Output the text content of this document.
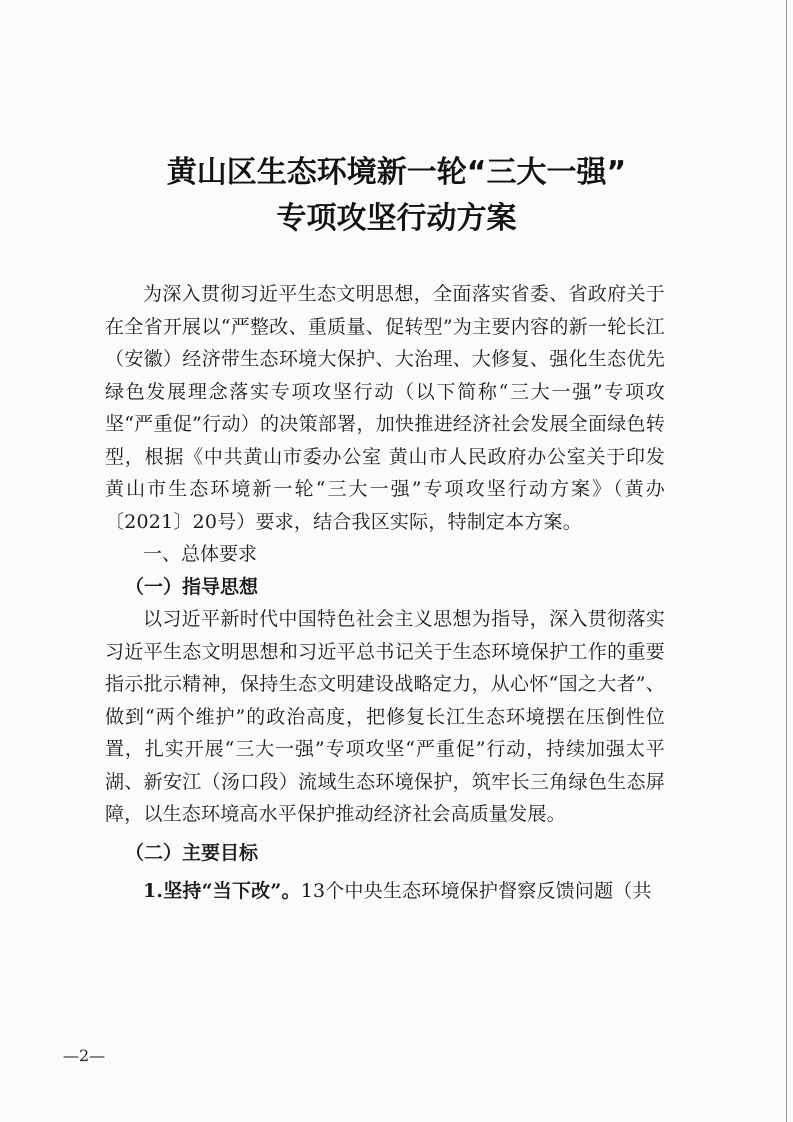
黄山区生态环境新一轮“三大一强”
专项攻坚行动方案

为深入贯彻习近平生态文明思想，全面落实省委、省政府关于在全省开展以“严整改、重质量、促转型”为主要内容的新一轮长江（安徽）经济带生态环境大保护、大治理、大修复、强化生态优先绿色发展理念落实专项攻坚行动（以下简称“三大一强”专项攻坚“严重促”行动）的决策部署，加快推进经济社会发展全面绿色转型，根据《中共黄山市委办公室 黄山市人民政府办公室关于印发黄山市生态环境新一轮“三大一强”专项攻坚行动方案》（黄办〔2021〕20号）要求，结合我区实际，特制定本方案。

一、总体要求

（一）指导思想

以习近平新时代中国特色社会主义思想为指导，深入贯彻落实习近平生态文明思想和习近平总书记关于生态环境保护工作的重要指示批示精神，保持生态文明建设战略定力，从心怀“国之大者”、做到“两个维护”的政治高度，把修复长江生态环境摆在压倒性位置，扎实开展“三大一强”专项攻坚“严重促”行动，持续加强太平湖、新安江（汤口段）流域生态环境保护，筑牢长三角绿色生态屏障，以生态环境高水平保护推动经济社会高质量发展。

（二）主要目标

1.坚持“当下改”。13个中央生态环境保护督察反馈问题（共

—2—
